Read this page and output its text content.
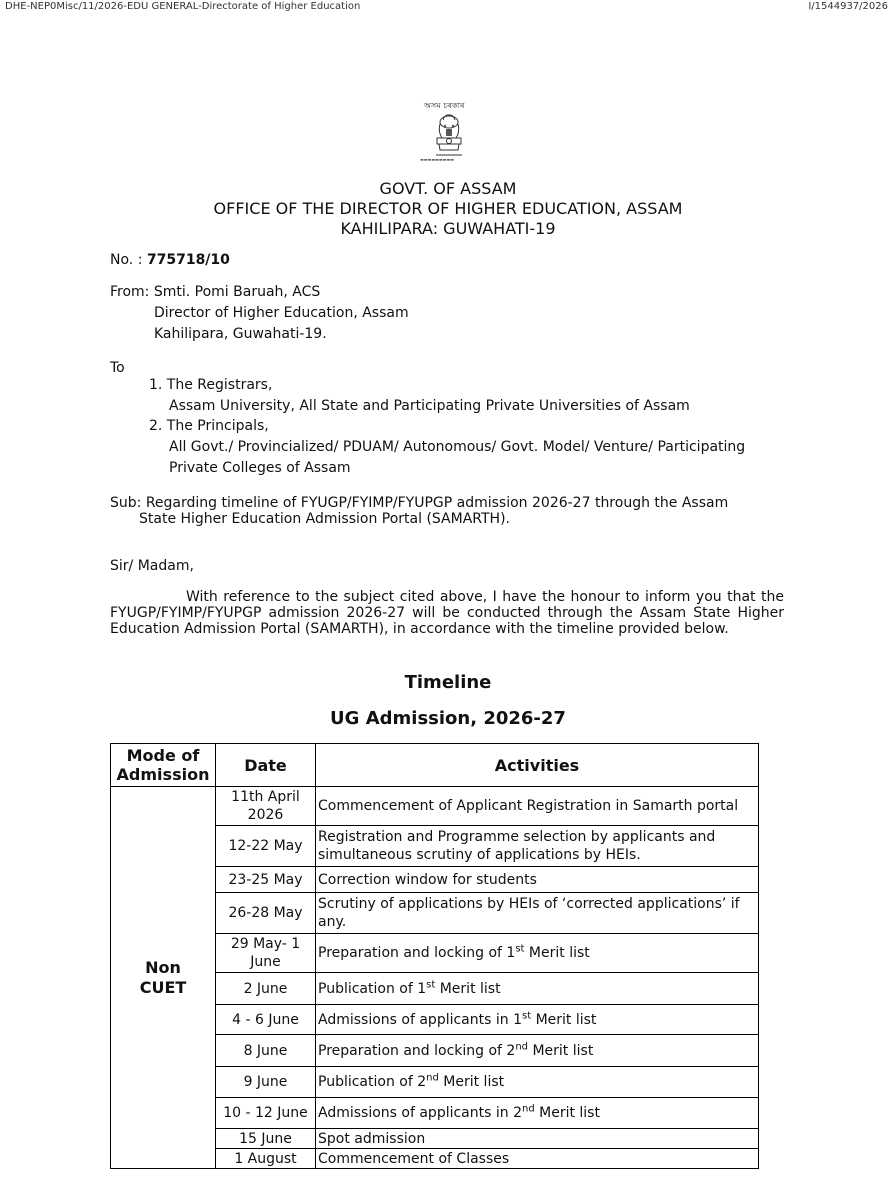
DHE-NEP0Misc/11/2026-EDU GENERAL-Directorate of Higher Education	I/1544937/2026
অসম চৰকাৰ
▬▬▬▬▬▬▬▬▬
GOVT. OF ASSAM
OFFICE OF THE DIRECTOR OF HIGHER EDUCATION, ASSAM
KAHILIPARA: GUWAHATI-19
No. : 775718/10
From: Smti. Pomi Baruah, ACS
Director of Higher Education, Assam
Kahilipara, Guwahati-19.
To
1. The Registrars,
Assam University, All State and Participating Private Universities of Assam
2. The Principals,
All Govt./ Provincialized/ PDUAM/ Autonomous/ Govt. Model/ Venture/ Participating
Private Colleges of Assam
Sub: Regarding timeline of FYUGP/FYIMP/FYUPGP admission 2026-27 through the Assam
State Higher Education Admission Portal (SAMARTH).
Sir/ Madam,
With reference to the subject cited above, I have the honour to inform you that the FYUGP/FYIMP/FYUPGP admission 2026-27 will be conducted through the Assam State Higher Education Admission Portal (SAMARTH), in accordance with the timeline provided below.
Timeline
UG Admission, 2026-27
Mode of
Admission	Date	Activities
Non
CUET	11th April
2026	Commencement of Applicant Registration in Samarth portal
	12-22 May	Registration and Programme selection by applicants and simultaneous scrutiny of applications by HEIs.
	23-25 May	Correction window for students
	26-28 May	Scrutiny of applications by HEIs of ‘corrected applications’ if any.
	29 May- 1
June	Preparation and locking of 1st Merit list
	2 June	Publication of 1st Merit list
	4 - 6 June	Admissions of applicants in 1st Merit list
	8 June	Preparation and locking of 2nd Merit list
	9 June	Publication of 2nd Merit list
	10 - 12 June	Admissions of applicants in 2nd Merit list
	15 June	Spot admission
	1 August	Commencement of Classes
